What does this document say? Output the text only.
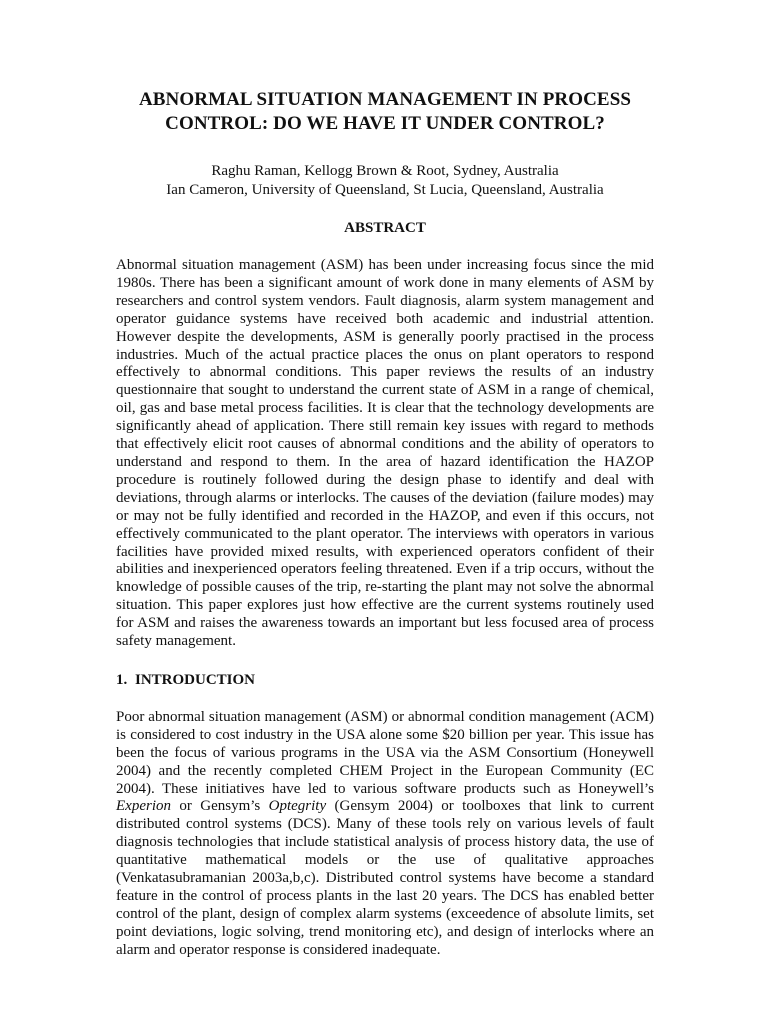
ABNORMAL SITUATION MANAGEMENT IN PROCESS
CONTROL: DO WE HAVE IT UNDER CONTROL?
Raghu Raman, Kellogg Brown & Root, Sydney, Australia
Ian Cameron, University of Queensland, St Lucia, Queensland, Australia
ABSTRACT

Abnormal situation management (ASM) has been under increasing focus since the mid 1980s. There has been a significant amount of work done in many elements of ASM by researchers and control system vendors. Fault diagnosis, alarm system management and operator guidance systems have received both academic and industrial attention. However despite the developments, ASM is generally poorly practised in the process industries. Much of the actual practice places the onus on plant operators to respond effectively to abnormal conditions. This paper reviews the results of an industry questionnaire that sought to understand the current state of ASM in a range of chemical, oil, gas and base metal process facilities. It is clear that the technology developments are significantly ahead of application. There still remain key issues with regard to methods that effectively elicit root causes of abnormal conditions and the ability of operators to understand and respond to them. In the area of hazard identification the HAZOP procedure is routinely followed during the design phase to identify and deal with deviations, through alarms or interlocks. The causes of the deviation (failure modes) may or may not be fully identified and recorded in the HAZOP, and even if this occurs, not effectively communicated to the plant operator. The interviews with operators in various facilities have provided mixed results, with experienced operators confident of their abilities and inexperienced operators feeling threatened. Even if a trip occurs, without the knowledge of possible causes of the trip, re-starting the plant may not solve the abnormal situation. This paper explores just how effective are the current systems routinely used for ASM and raises the awareness towards an important but less focused area of process safety management.

1. INTRODUCTION

Poor abnormal situation management (ASM) or abnormal condition management (ACM) is considered to cost industry in the USA alone some $20 billion per year. This issue has been the focus of various programs in the USA via the ASM Consortium (Honeywell 2004) and the recently completed CHEM Project in the European Community (EC 2004). These initiatives have led to various software products such as Honeywell’s Experion or Gensym’s Optegrity (Gensym 2004) or toolboxes that link to current distributed control systems (DCS). Many of these tools rely on various levels of fault diagnosis technologies that include statistical analysis of process history data, the use of quantitative mathematical models or the use of qualitative approaches (Venkatasubramanian 2003a,b,c). Distributed control systems have become a standard feature in the control of process plants in the last 20 years. The DCS has enabled better control of the plant, design of complex alarm systems (exceedence of absolute limits, set point deviations, logic solving, trend monitoring etc), and design of interlocks where an alarm and operator response is considered inadequate.
